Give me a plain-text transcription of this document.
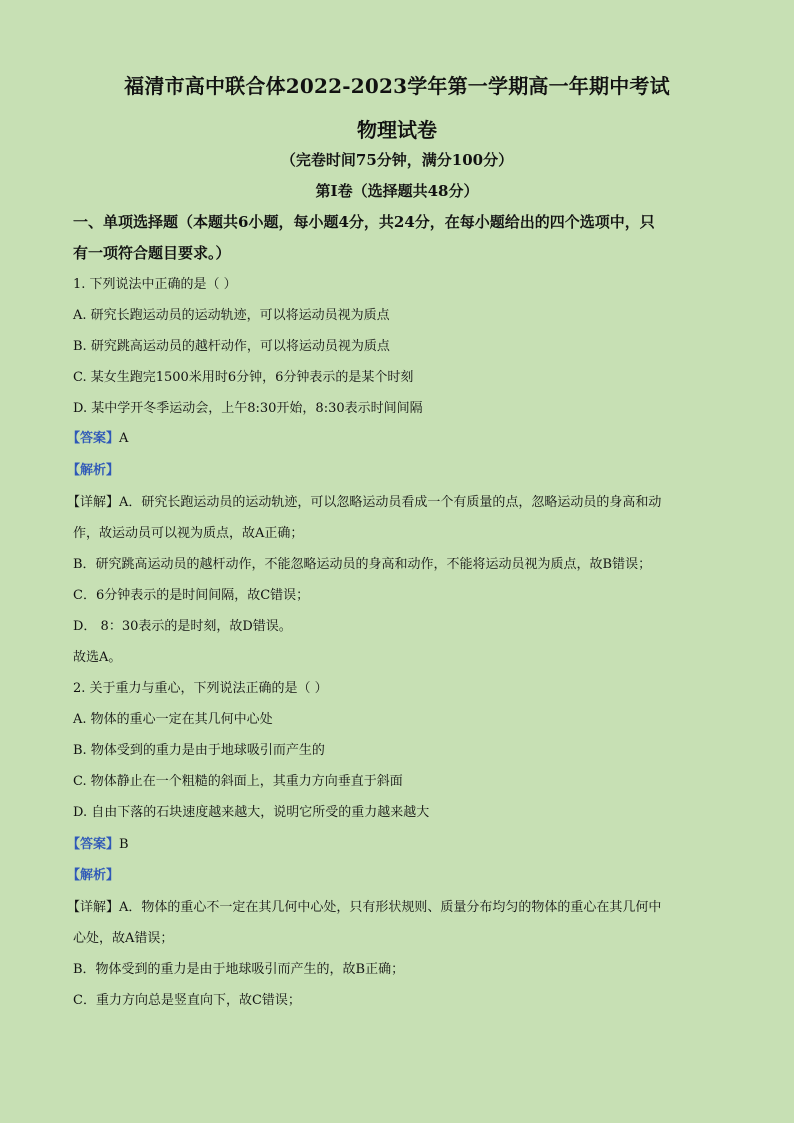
福清市高中联合体2022-2023学年第一学期高一年期中考试
物理试卷
（完卷时间75分钟，满分100分）
第Ⅰ卷（选择题共48分）
一、单项选择题（本题共6小题，每小题4分，共24分，在每小题给出的四个选项中，只
有一项符合题目要求。）
1. 下列说法中正确的是（ ）
A. 研究长跑运动员的运动轨迹，可以将运动员视为质点
B. 研究跳高运动员的越杆动作，可以将运动员视为质点
C. 某女生跑完1500米用时6分钟，6分钟表示的是某个时刻
D. 某中学开冬季运动会，上午8:30开始，8:30表示时间间隔
【答案】A
【解析】
【详解】A．研究长跑运动员的运动轨迹，可以忽略运动员看成一个有质量的点，忽略运动员的身高和动
作，故运动员可以视为质点，故A正确；
B．研究跳高运动员的越杆动作，不能忽略运动员的身高和动作，不能将运动员视为质点，故B错误；
C．6分钟表示的是时间间隔，故C错误；
D． 8：30表示的是时刻，故D错误。
故选A。
2. 关于重力与重心，下列说法正确的是（ ）
A. 物体的重心一定在其几何中心处
B. 物体受到的重力是由于地球吸引而产生的
C. 物体静止在一个粗糙的斜面上，其重力方向垂直于斜面
D. 自由下落的石块速度越来越大，说明它所受的重力越来越大
【答案】B
【解析】
【详解】A．物体的重心不一定在其几何中心处，只有形状规则、质量分布均匀的物体的重心在其几何中
心处，故A错误；
B．物体受到的重力是由于地球吸引而产生的，故B正确；
C．重力方向总是竖直向下，故C错误；
